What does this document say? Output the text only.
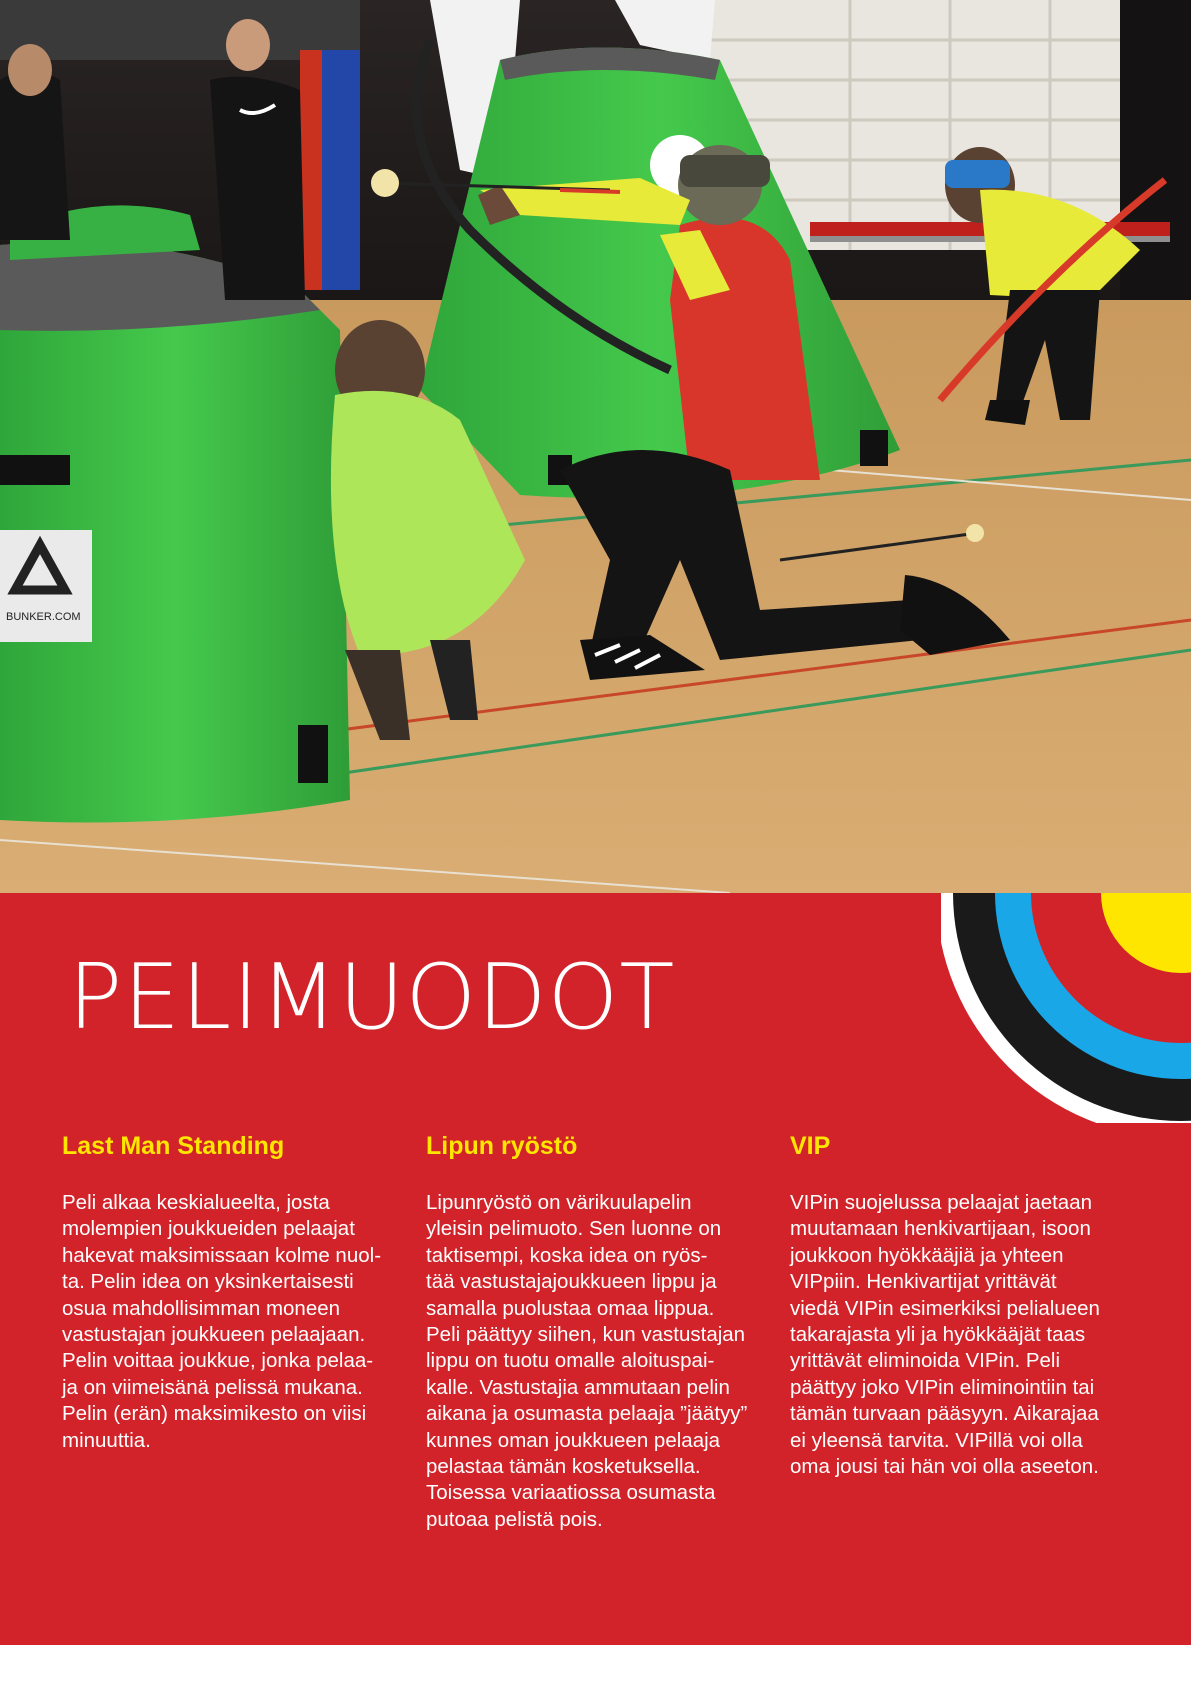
BUNKER.COM
PELIMUODOT
Last Man Standing

Peli alkaa keskialueelta, josta
molempien joukkueiden pelaajat
hakevat maksimissaan kolme nuol-
ta. Pelin idea on yksinkertaisesti
osua mahdollisimman moneen
vastustajan joukkueen pelaajaan.
Pelin voittaa joukkue, jonka pelaa-
ja on viimeisänä pelissä mukana.
Pelin (erän) maksimikesto on viisi
minuuttia.

Lipun ryöstö

Lipunryöstö on värikuulapelin
yleisin pelimuoto. Sen luonne on
taktisempi, koska idea on ryös-
tää vastustajajoukkueen lippu ja
samalla puolustaa omaa lippua.
Peli päättyy siihen, kun vastustajan
lippu on tuotu omalle aloituspai-
kalle. Vastustajia ammutaan pelin
aikana ja osumasta pelaaja ”jäätyy”
kunnes oman joukkueen pelaaja
pelastaa tämän kosketuksella.
Toisessa variaatiossa osumasta
putoaa pelistä pois.

VIP

VIPin suojelussa pelaajat jaetaan
muutamaan henkivartijaan, isoon
joukkoon hyökkääjiä ja yhteen
VIPpiin. Henkivartijat yrittävät
viedä VIPin esimerkiksi pelialueen
takarajasta yli ja hyökkääjät taas
yrittävät eliminoida VIPin. Peli
päättyy joko VIPin eliminointiin tai
tämän turvaan pääsyyn. Aikarajaa
ei yleensä tarvita. VIPillä voi olla
oma jousi tai hän voi olla aseeton.
